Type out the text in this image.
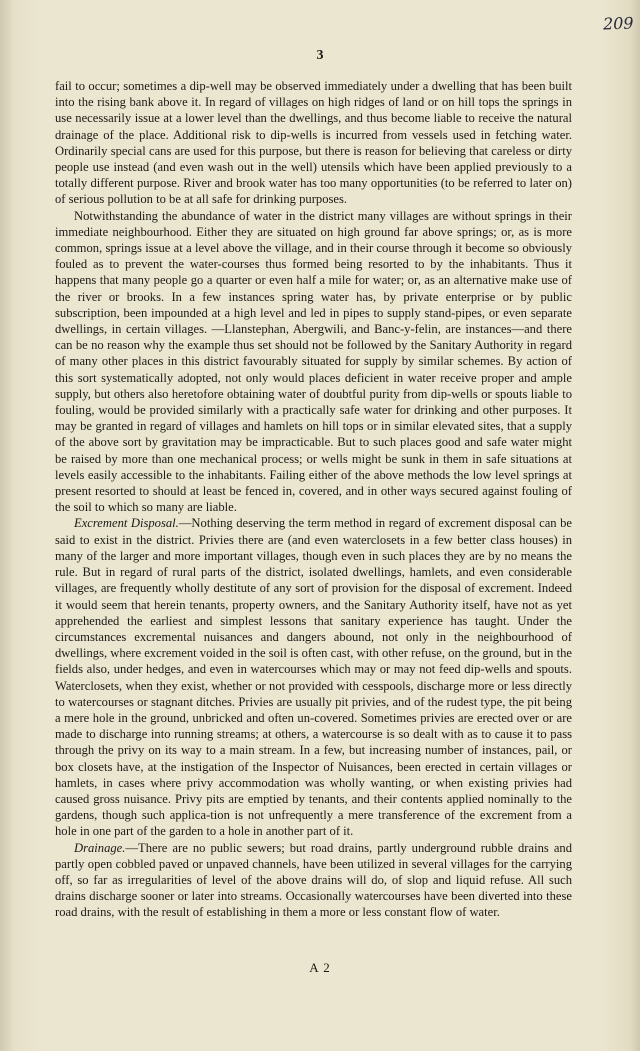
209
3

fail to occur; sometimes a dip-well may be observed immediately under a dwelling that has been built into the rising bank above it. In regard of villages on high ridges of land or on hill tops the springs in use necessarily issue at a lower level than the dwellings, and thus become liable to receive the natural drainage of the place. Additional risk to dip-wells is incurred from vessels used in fetching water. Ordinarily special cans are used for this purpose, but there is reason for believing that careless or dirty people use instead (and even wash out in the well) utensils which have been applied previously to a totally different purpose. River and brook water has too many opportunities (to be referred to later on) of serious pollution to be at all safe for drinking purposes.

Notwithstanding the abundance of water in the district many villages are without springs in their immediate neighbourhood. Either they are situated on high ground far above springs; or, as is more common, springs issue at a level above the village, and in their course through it become so obviously fouled as to prevent the water-courses thus formed being resorted to by the inhabitants. Thus it happens that many people go a quarter or even half a mile for water; or, as an alternative make use of the river or brooks. In a few instances spring water has, by private enterprise or by public subscription, been impounded at a high level and led in pipes to supply stand-pipes, or even separate dwellings, in certain villages. —Llanstephan, Abergwili, and Banc-y-felin, are instances—and there can be no reason why the example thus set should not be followed by the Sanitary Authority in regard of many other places in this district favourably situated for supply by similar schemes. By action of this sort systematically adopted, not only would places deficient in water receive proper and ample supply, but others also heretofore obtaining water of doubtful purity from dip-wells or spouts liable to fouling, would be provided similarly with a practically safe water for drinking and other purposes. It may be granted in regard of villages and hamlets on hill tops or in similar elevated sites, that a supply of the above sort by gravitation may be impracticable. But to such places good and safe water might be raised by more than one mechanical process; or wells might be sunk in them in safe situations at levels easily accessible to the inhabitants. Failing either of the above methods the low level springs at present resorted to should at least be fenced in, covered, and in other ways secured against fouling of the soil to which so many are liable.

Excrement Disposal.—Nothing deserving the term method in regard of excrement disposal can be said to exist in the district. Privies there are (and even waterclosets in a few better class houses) in many of the larger and more important villages, though even in such places they are by no means the rule. But in regard of rural parts of the district, isolated dwellings, hamlets, and even considerable villages, are frequently wholly destitute of any sort of provision for the disposal of excrement. Indeed it would seem that herein tenants, property owners, and the Sanitary Authority itself, have not as yet apprehended the earliest and simplest lessons that sanitary experience has taught. Under the circumstances excremental nuisances and dangers abound, not only in the neighbourhood of dwellings, where excrement voided in the soil is often cast, with other refuse, on the ground, but in the fields also, under hedges, and even in watercourses which may or may not feed dip-wells and spouts. Waterclosets, when they exist, whether or not provided with cesspools, discharge more or less directly to watercourses or stagnant ditches. Privies are usually pit privies, and of the rudest type, the pit being a mere hole in the ground, unbricked and often un-covered. Sometimes privies are erected over or are made to discharge into running streams; at others, a watercourse is so dealt with as to cause it to pass through the privy on its way to a main stream. In a few, but increasing number of instances, pail, or box closets have, at the instigation of the Inspector of Nuisances, been erected in certain villages or hamlets, in cases where privy accommodation was wholly wanting, or when existing privies had caused gross nuisance. Privy pits are emptied by tenants, and their contents applied nominally to the gardens, though such applica-tion is not unfrequently a mere transference of the excrement from a hole in one part of the garden to a hole in another part of it.

Drainage.—There are no public sewers; but road drains, partly underground rubble drains and partly open cobbled paved or unpaved channels, have been utilized in several villages for the carrying off, so far as irregularities of level of the above drains will do, of slop and liquid refuse. All such drains discharge sooner or later into streams. Occasionally watercourses have been diverted into these road drains, with the result of establishing in them a more or less constant flow of water.

A 2
